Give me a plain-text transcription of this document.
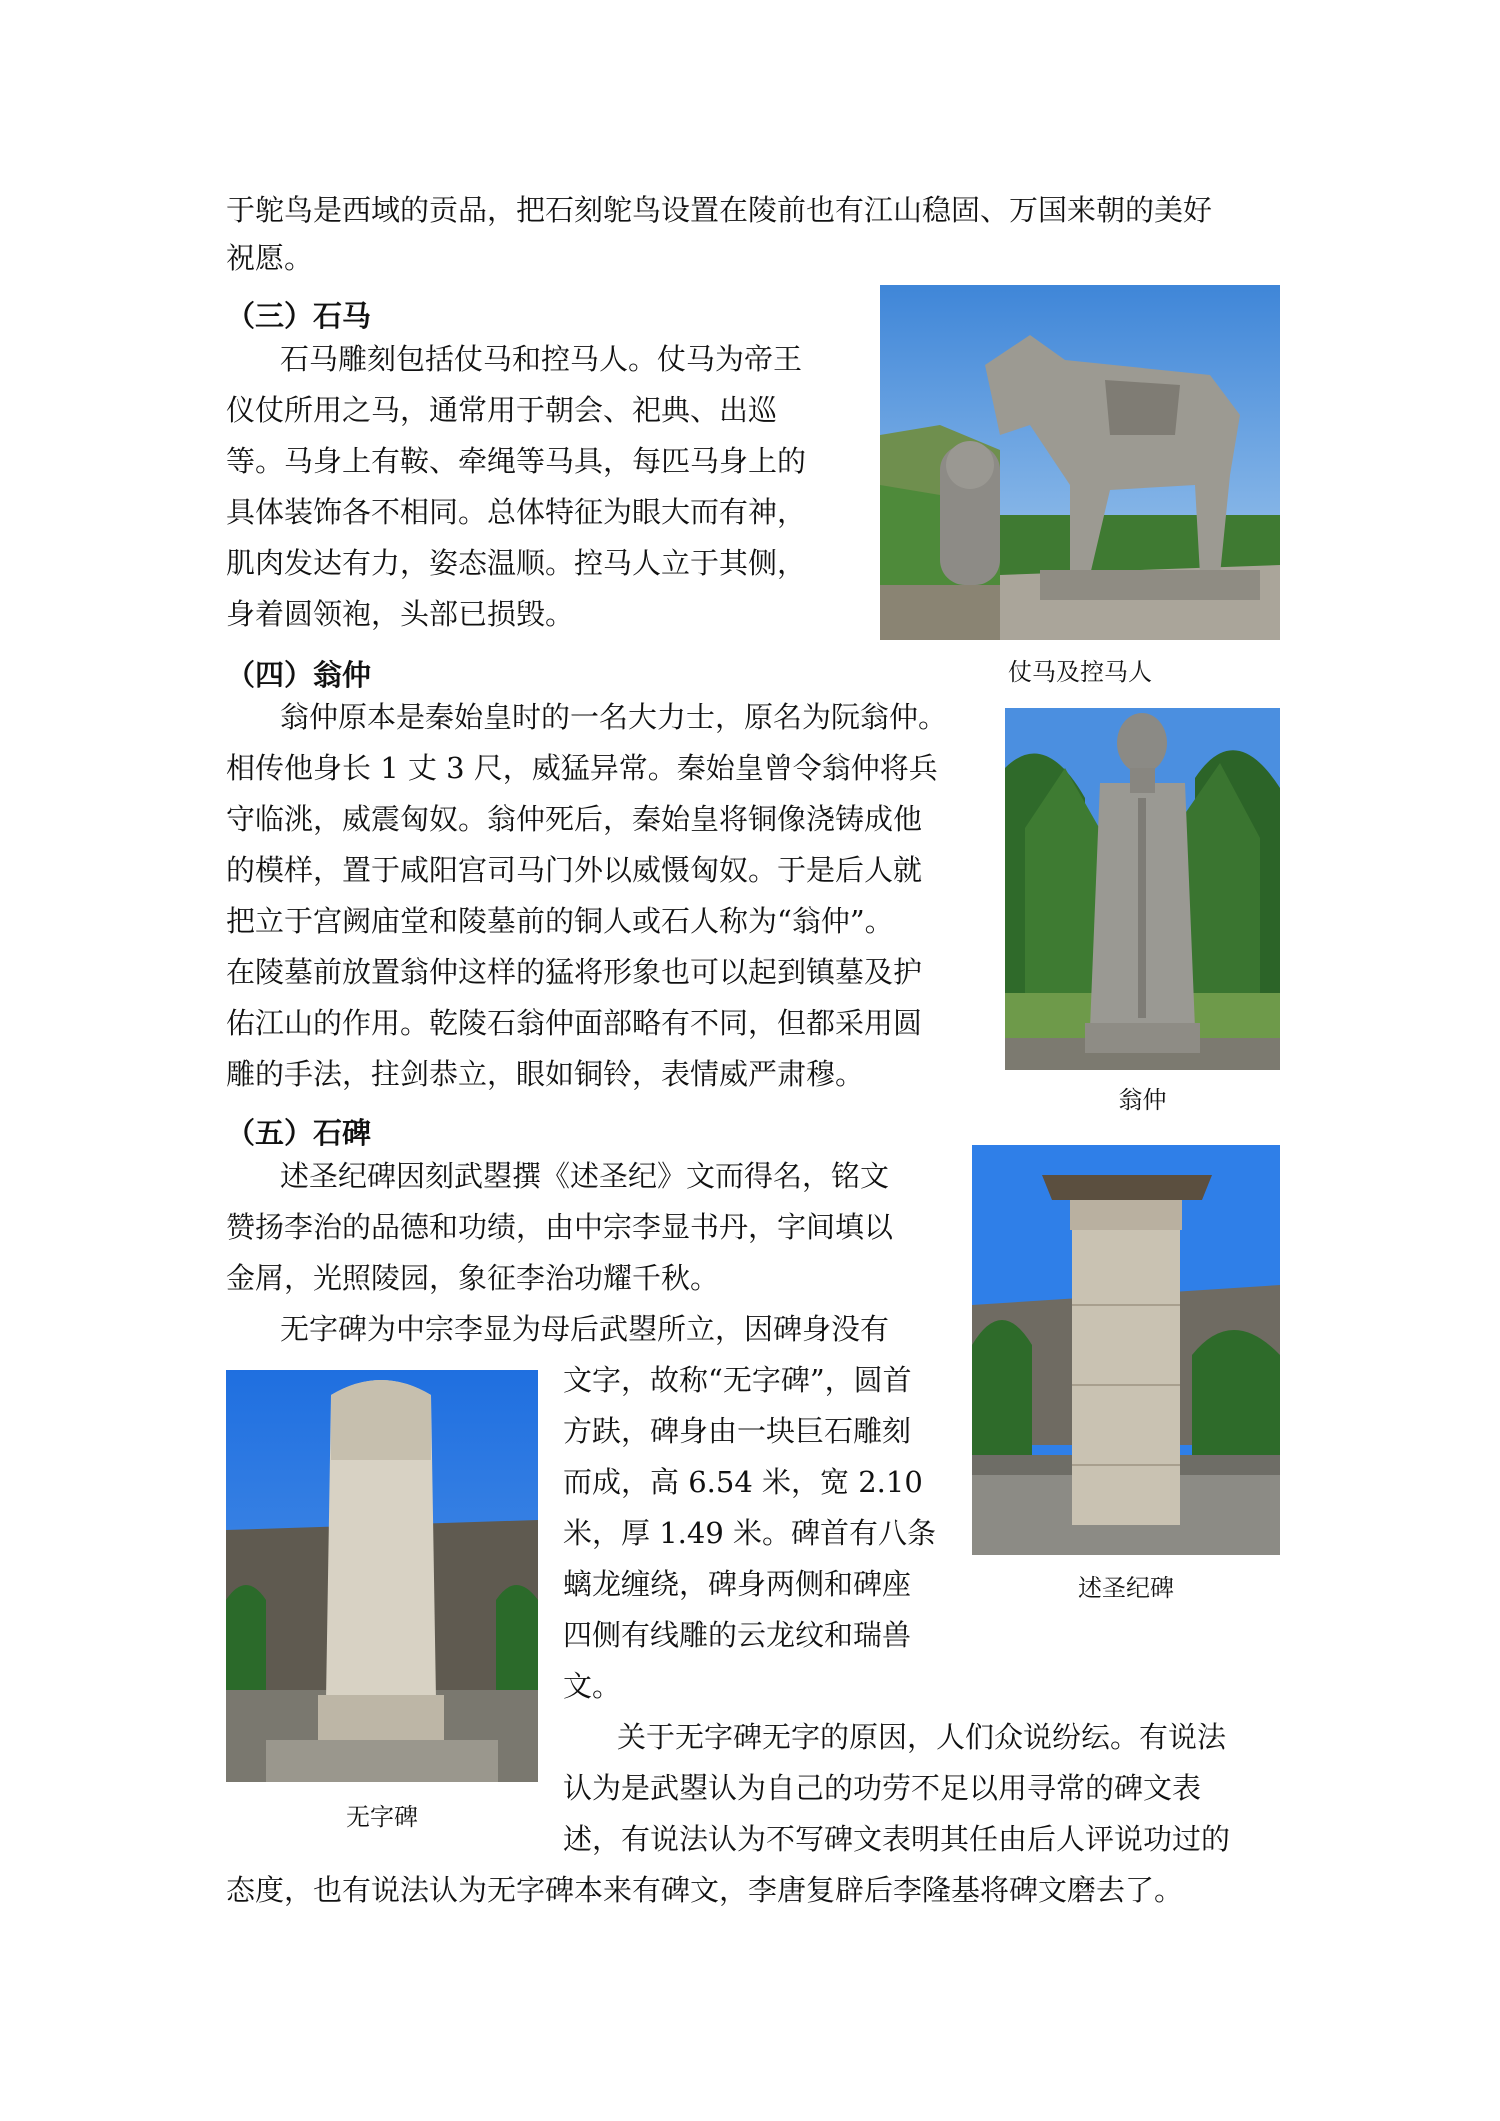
于鸵鸟是西域的贡品，把石刻鸵鸟设置在陵前也有江山稳固、万国来朝的美好
祝愿。
（三）石马
石马雕刻包括仗马和控马人。仗马为帝王
仪仗所用之马，通常用于朝会、祀典、出巡
等。马身上有鞍、牵绳等马具，每匹马身上的
具体装饰各不相同。总体特征为眼大而有神，
肌肉发达有力，姿态温顺。控马人立于其侧，
身着圆领袍，头部已损毁。
仗马及控马人
（四）翁仲
翁仲原本是秦始皇时的一名大力士，原名为阮翁仲。
相传他身长 1 丈 3 尺，威猛异常。秦始皇曾令翁仲将兵
守临洮，威震匈奴。翁仲死后，秦始皇将铜像浇铸成他
的模样，置于咸阳宫司马门外以威慑匈奴。于是后人就
把立于宫阙庙堂和陵墓前的铜人或石人称为“翁仲”。
在陵墓前放置翁仲这样的猛将形象也可以起到镇墓及护
佑江山的作用。乾陵石翁仲面部略有不同，但都采用圆
雕的手法，拄剑恭立，眼如铜铃，表情威严肃穆。
翁仲
（五）石碑
述圣纪碑因刻武曌撰《述圣纪》文而得名，铭文
赞扬李治的品德和功绩，由中宗李显书丹，字间填以
金屑，光照陵园，象征李治功耀千秋。
无字碑为中宗李显为母后武曌所立，因碑身没有
文字，故称“无字碑”，圆首
方趺，碑身由一块巨石雕刻
而成，高 6.54 米，宽 2.10
米，厚 1.49 米。碑首有八条
螭龙缠绕，碑身两侧和碑座
四侧有线雕的云龙纹和瑞兽
文。
关于无字碑无字的原因，人们众说纷纭。有说法
认为是武曌认为自己的功劳不足以用寻常的碑文表
述，有说法认为不写碑文表明其任由后人评说功过的
态度，也有说法认为无字碑本来有碑文，李唐复辟后李隆基将碑文磨去了。
述圣纪碑
无字碑
